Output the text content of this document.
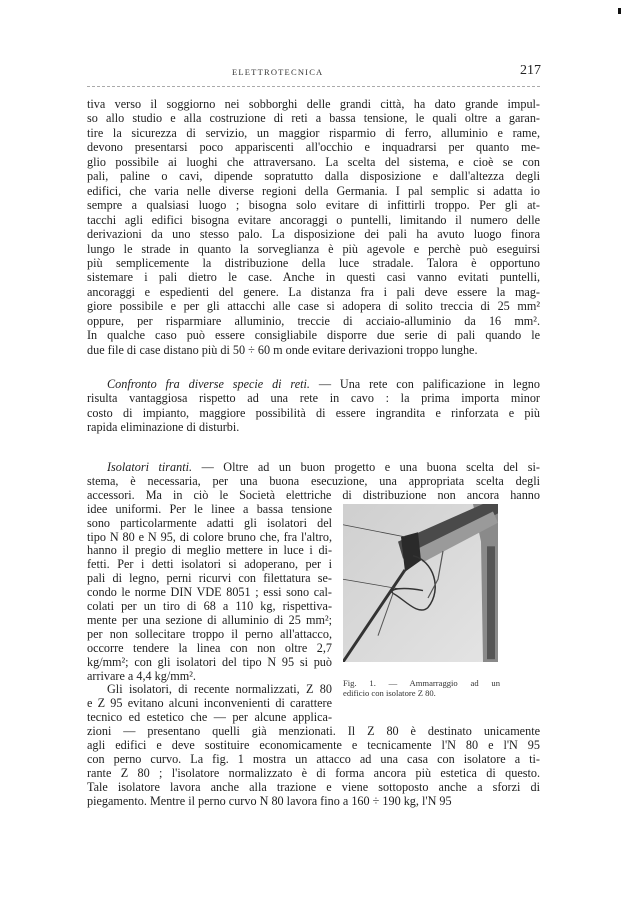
ELETTROTECNICA	217
tiva verso il soggiorno nei sobborghi delle grandi città, ha dato grande impul-
so allo studio e alla costruzione di reti a bassa tensione, le quali oltre a garan-
tire la sicurezza di servizio, un maggior risparmio di ferro, alluminio e rame,
devono presentarsi poco appariscenti all'occhio e inquadrarsi per quanto me-
glio possibile ai luoghi che attraversano. La scelta del sistema, e cioè se con
pali, paline o cavi, dipende sopratutto dalla disposizione e dall'altezza degli
edifici, che varia nelle diverse regioni della Germania. I pal semplic si adatta io
sempre a qualsiasi luogo ; bisogna solo evitare di infittirli troppo. Per gli at-
tacchi agli edifici bisogna evitare ancoraggi o puntelli, limitando il numero delle
derivazioni da uno stesso palo. La disposizione dei pali ha avuto luogo finora
lungo le strade in quanto la sorveglianza è più agevole e perchè può eseguirsi
più semplicemente la distribuzione della luce stradale. Talora è opportuno
sistemare i pali dietro le case. Anche in questi casi vanno evitati puntelli,
ancoraggi e espedienti del genere. La distanza fra i pali deve essere la mag-
giore possibile e per gli attacchi alle case si adopera di solito treccia di 25 mm²
oppure, per risparmiare alluminio, treccie di acciaio-alluminio da 16 mm².
In qualche caso può essere consigliabile disporre due serie di pali quando le
due file di case distano più di 50 ÷ 60 m onde evitare derivazioni troppo lunghe.
Confronto fra diverse specie di reti. — Una rete con palificazione in legno
risulta vantaggiosa rispetto ad una rete in cavo : la prima importa minor
costo di impianto, maggiore possibilità di essere ingrandita e rinforzata e più
rapida eliminazione di disturbi.
Isolatori tiranti. — Oltre ad un buon progetto e una buona scelta del si-
stema, è necessaria, per una buona esecuzione, una appropriata scelta degli
accessori. Ma in ciò le Società elettriche di distribuzione non ancora hanno
idee uniformi. Per le linee a bassa tensione
sono particolarmente adatti gli isolatori del
tipo N 80 e N 95, di colore bruno che, fra l'altro,
hanno il pregio di meglio mettere in luce i di-
fetti. Per i detti isolatori si adoperano, per i
pali di legno, perni ricurvi con filettatura se-
condo le norme DIN VDE 8051 ; essi sono cal-
colati per un tiro di 68 a 110 kg, rispettiva-
mente per una sezione di alluminio di 25 mm²;
per non sollecitare troppo il perno all'attacco,
occorre tendere la linea con non oltre 2,7
kg/mm²; con gli isolatori del tipo N 95 si può
arrivare a 4,4 kg/mm².
Gli isolatori, di recente normalizzati, Z 80
e Z 95 evitano alcuni inconvenienti di carattere
tecnico ed estetico che — per alcune applica-
zioni — presentano quelli già menzionati. Il Z 80 è destinato unicamente
agli edifici e deve sostituire economicamente e tecnicamente l'N 80 e l'N 95
con perno curvo. La fig. 1 mostra un attacco ad una casa con isolatore a ti-
rante Z 80 ; l'isolatore normalizzato è di forma ancora più estetica di questo.
Tale isolatore lavora anche alla trazione e viene sottoposto anche a sforzi di
piegamento. Mentre il perno curvo N 80 lavora fino a 160 ÷ 190 kg, l'N 95
Fig. 1. — Ammarraggio ad un
edificio con isolatore Z 80.
